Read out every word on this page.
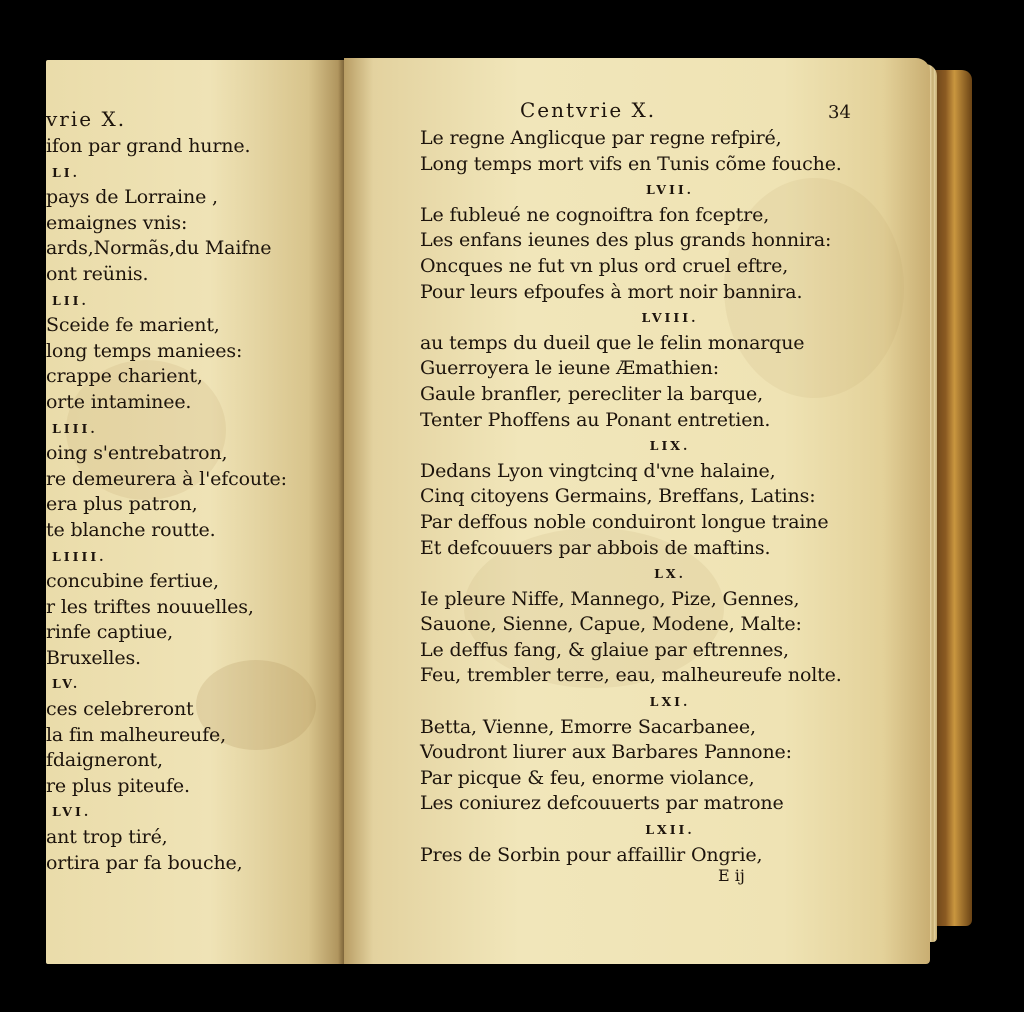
vrie X.
ifon par grand hurne.
LI.
pays de Lorraine ,
emaignes vnis:
ards,Normãs,du Maifne
ont reünis.
LII.
Sceide fe marient,
long temps maniees:
crappe charient,
orte intaminee.
LIII.
oing s'entrebatron,
re demeurera à l'efcoute:
era plus patron,
te blanche routte.
LIIII.
concubine fertiue,
r les triftes nouuelles,
rinfe captiue,
Bruxelles.
LV.
ces celebreront
la fin malheureufe,
fdaigneront,
re plus piteufe.
LVI.
ant trop tiré,
ortira par fa bouche,
Centvrie X.	34
Le regne Anglicque par regne refpiré,
Long temps mort vifs en Tunis cõme fouche.
LVII.
Le fubleué ne cognoiftra fon fceptre,
Les enfans ieunes des plus grands honnira:
Oncques ne fut vn plus ord cruel eftre,
Pour leurs efpoufes à mort noir bannira.
LVIII.
au temps du dueil que le felin monarque
Guerroyera le ieune Æmathien:
Gaule branfler, perecliter la barque,
Tenter Phoffens au Ponant entretien.
LIX.
Dedans Lyon vingtcinq d'vne halaine,
Cinq citoyens Germains, Breffans, Latins:
Par deffous noble conduiront longue traine
Et defcouuers par abbois de maftins.
LX.
Ie pleure Niffe, Mannego, Pize, Gennes,
Sauone, Sienne, Capue, Modene, Malte:
Le deffus fang, & glaiue par eftrennes,
Feu, trembler terre, eau, malheureufe nolte.
LXI.
Betta, Vienne, Emorre Sacarbanee,
Voudront liurer aux Barbares Pannone:
Par picque & feu, enorme violance,
Les coniurez defcouuerts par matrone
LXII.
Pres de Sorbin pour affaillir Ongrie,
E ij
